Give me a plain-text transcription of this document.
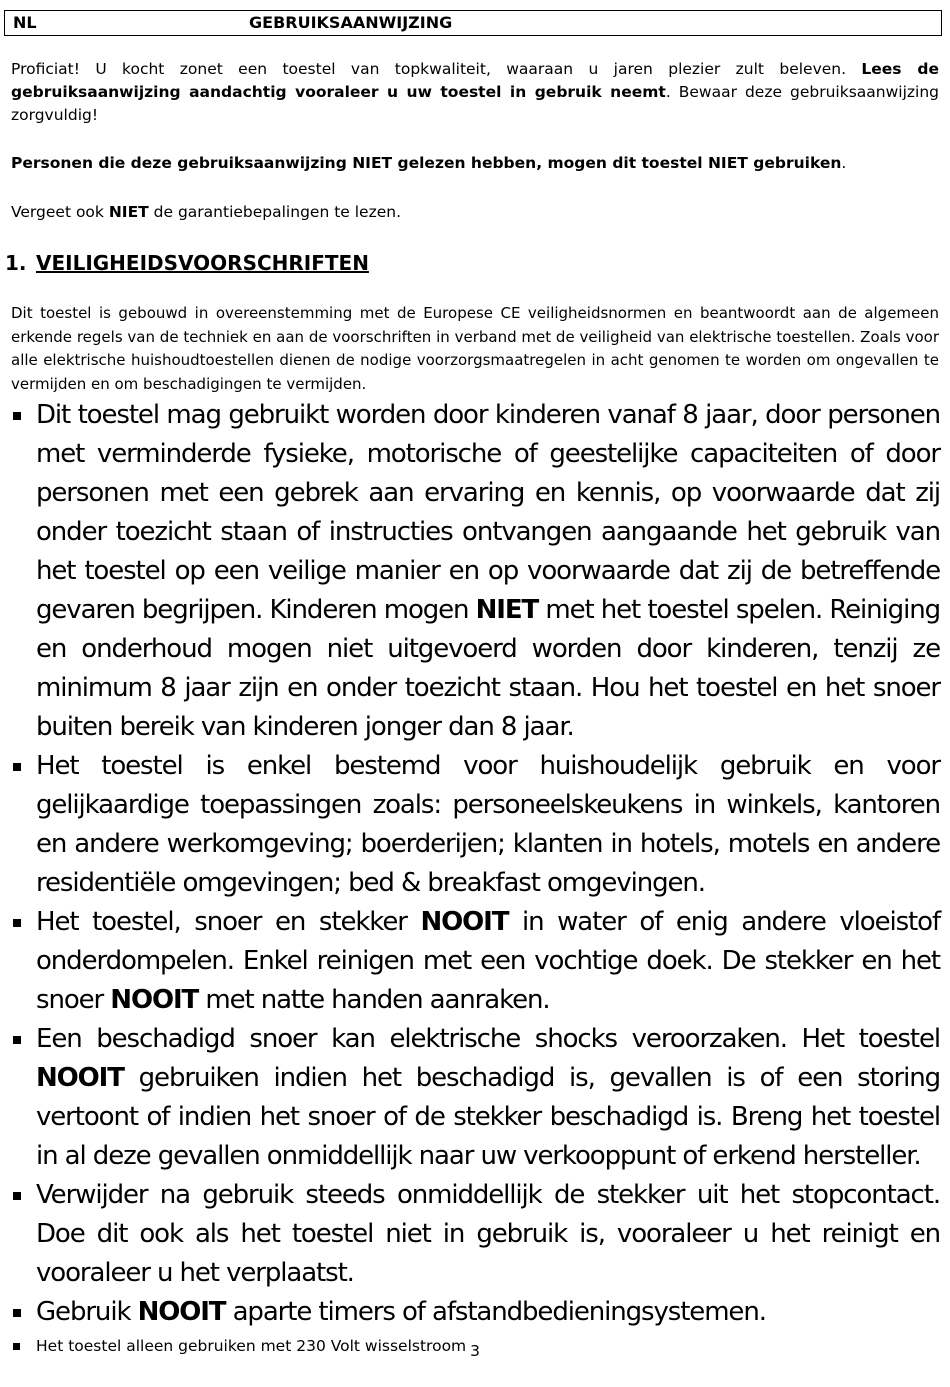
NL	GEBRUIKSAANWIJZING
Proficiat! U kocht zonet een toestel van topkwaliteit, waaraan u jaren plezier zult beleven. Lees de gebruiksaanwijzing aandachtig vooraleer u uw toestel in gebruik neemt. Bewaar deze gebruiksaanwijzing zorgvuldig!
Personen die deze gebruiksaanwijzing NIET gelezen hebben, mogen dit toestel NIET gebruiken.
Vergeet ook NIET de garantiebepalingen te lezen.
1. VEILIGHEIDSVOORSCHRIFTEN
Dit toestel is gebouwd in overeenstemming met de Europese CE veiligheidsnormen en beantwoordt aan de algemeen erkende regels van de techniek en aan de voorschriften in verband met de veiligheid van elektrische toestellen. Zoals voor alle elektrische huishoudtoestellen dienen de nodige voorzorgsmaatregelen in acht genomen te worden om ongevallen te vermijden en om beschadigingen te vermijden.
Dit toestel mag gebruikt worden door kinderen vanaf 8 jaar, door personen met verminderde fysieke, motorische of geestelijke capaciteiten of door personen met een gebrek aan ervaring en kennis, op voorwaarde dat zij onder toezicht staan of instructies ontvangen aangaande het gebruik van het toestel op een veilige manier en op voorwaarde dat zij de betreffende gevaren begrijpen. Kinderen mogen NIET met het toestel spelen. Reiniging en onderhoud mogen niet uitgevoerd worden door kinderen, tenzij ze minimum 8 jaar zijn en onder toezicht staan. Hou het toestel en het snoer buiten bereik van kinderen jonger dan 8 jaar.
Het toestel is enkel bestemd voor huishoudelijk gebruik en voor gelijkaardige toepassingen zoals: personeelskeukens in winkels, kantoren en andere werkomgeving; boerderijen; klanten in hotels, motels en andere residentiële omgevingen; bed & breakfast omgevingen.
Het toestel, snoer en stekker NOOIT in water of enig andere vloeistof onderdompelen. Enkel reinigen met een vochtige doek. De stekker en het snoer NOOIT met natte handen aanraken.
Een beschadigd snoer kan elektrische shocks veroorzaken. Het toestel NOOIT gebruiken indien het beschadigd is, gevallen is of een storing vertoont of indien het snoer of de stekker beschadigd is. Breng het toestel in al deze gevallen onmiddellijk naar uw verkooppunt of erkend hersteller.
Verwijder na gebruik steeds onmiddellijk de stekker uit het stopcontact. Doe dit ook als het toestel niet in gebruik is, vooraleer u het reinigt en vooraleer u het verplaatst.
Gebruik NOOIT aparte timers of afstandbedieningsystemen.
Het toestel alleen gebruiken met 230 Volt wisselstroom 3
